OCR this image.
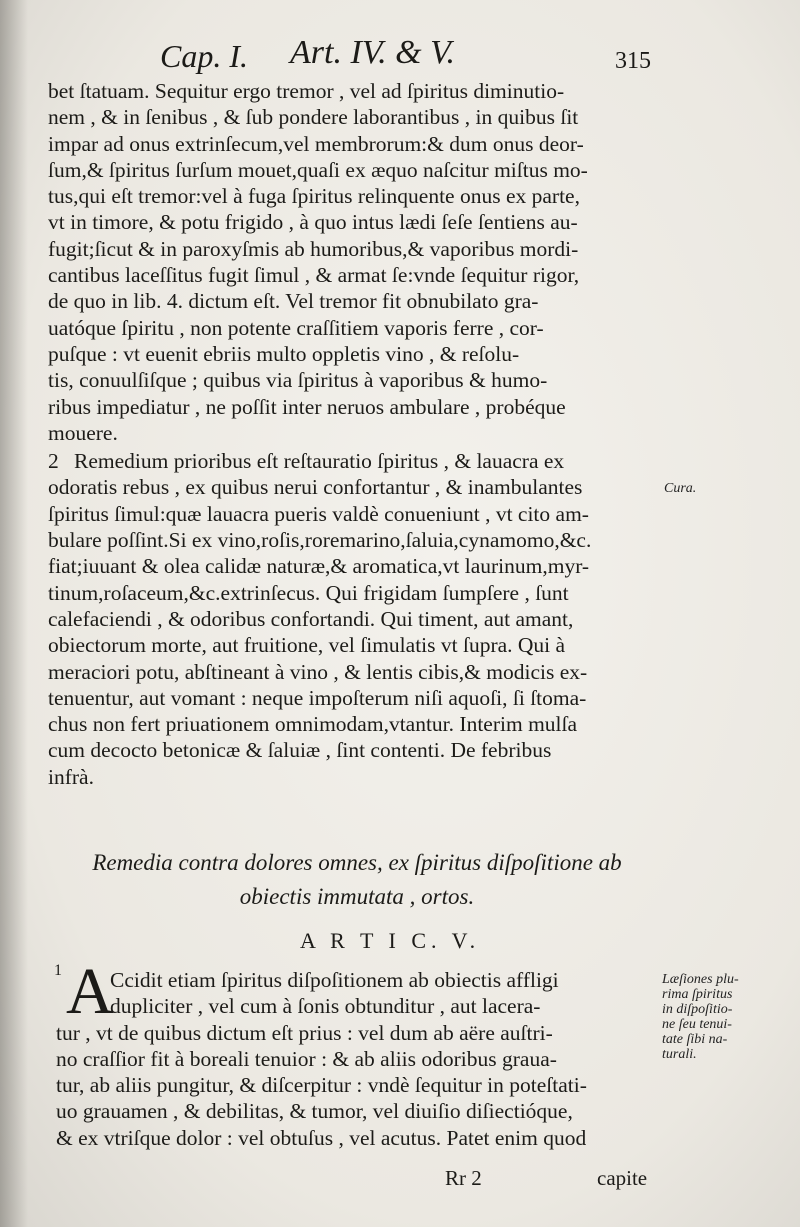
Cap. I. Art. IV. & V.	315
bet ſtatuam. Sequitur ergo tremor , vel ad ſpiritus diminutio-
nem , & in ſenibus , & ſub pondere laborantibus , in quibus ſit
impar ad onus extrinſecum,vel membrorum:& dum onus deor-
ſum,& ſpiritus ſurſum mouet,quaſi ex æquo naſcitur miſtus mo-
tus,qui eſt tremor:vel à fuga ſpiritus relinquente onus ex parte,
vt in timore, & potu frigido , à quo intus lædi ſeſe ſentiens au-
fugit;ſicut & in paroxyſmis ab humoribus,& vaporibus mordi-
cantibus laceſſitus fugit ſimul , & armat ſe:vnde ſequitur rigor,
de quo in lib. 4. dictum eſt. Vel tremor fit obnubilato gra-
uatóque ſpiritu , non potente craſſitiem vaporis ferre , cor-
puſque : vt euenit ebriis multo oppletis vino , & reſolu-
tis, conuulſiſque ; quibus via ſpiritus à vaporibus & humo-
ribus impediatur , ne poſſit inter neruos ambulare , probéque
mouere.
2 Remedium prioribus eſt reſtauratio ſpiritus , & lauacra ex
odoratis rebus , ex quibus nerui confortantur , & inambulantes
ſpiritus ſimul:quæ lauacra pueris valdè conueniunt , vt cito am-
bulare poſſint.Si ex vino,roſis,roremarino,ſaluia,cynamomo,&c.
fiat;iuuant & olea calidæ naturæ,& aromatica,vt laurinum,myr-
tinum,roſaceum,&c.extrinſecus. Qui frigidam ſumpſere , ſunt
calefaciendi , & odoribus confortandi. Qui timent, aut amant,
obiectorum morte, aut fruitione, vel ſimulatis vt ſupra. Qui à
meraciori potu, abſtineant à vino , & lentis cibis,& modicis ex-
tenuentur, aut vomant : neque impoſterum niſi aquoſi, ſi ſtoma-
chus non fert priuationem omnimodam,vtantur. Interim mulſa
cum decocto betonicæ & ſaluiæ , ſint contenti. De febribus
infrà.
Cura.
Remedia contra dolores omnes, ex ſpiritus diſpoſitione ab
obiectis immutata , ortos.
A R T I C. V.
1 A
Ccidit etiam ſpiritus diſpoſitionem ab obiectis affligi
dupliciter , vel cum à ſonis obtunditur , aut lacera-
tur , vt de quibus dictum eſt prius : vel dum ab aëre auſtri-
no craſſior fit à boreali tenuior : & ab aliis odoribus graua-
tur, ab aliis pungitur, & diſcerpitur : vndè ſequitur in poteſtati-
uo grauamen , & debilitas, & tumor, vel diuiſio diſiectióque,
& ex vtriſque dolor : vel obtuſus , vel acutus. Patet enim quod
Læſiones plu-
rima ſpiritus
in diſpoſitio-
ne ſeu tenui-
tate ſibi na-
turali.
Rr 2	capite
